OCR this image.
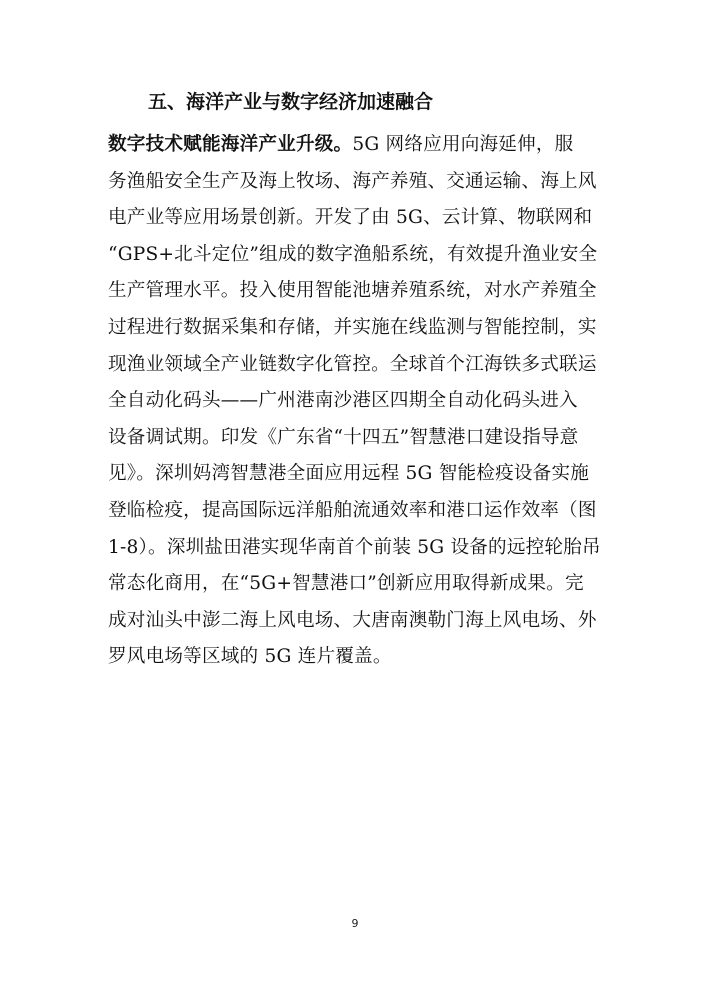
五、海洋产业与数字经济加速融合
数字技术赋能海洋产业升级。5G 网络应用向海延伸，服
务渔船安全生产及海上牧场、海产养殖、交通运输、海上风
电产业等应用场景创新。开发了由 5G、云计算、物联网和
“GPS+北斗定位”组成的数字渔船系统，有效提升渔业安全
生产管理水平。投入使用智能池塘养殖系统，对水产养殖全
过程进行数据采集和存储，并实施在线监测与智能控制，实
现渔业领域全产业链数字化管控。全球首个江海铁多式联运
全自动化码头——广州港南沙港区四期全自动化码头进入
设备调试期。印发《广东省“十四五”智慧港口建设指导意
见》。深圳妈湾智慧港全面应用远程 5G 智能检疫设备实施
登临检疫，提高国际远洋船舶流通效率和港口运作效率（图
1-8）。深圳盐田港实现华南首个前装 5G 设备的远控轮胎吊
常态化商用，在“5G+智慧港口”创新应用取得新成果。完
成对汕头中澎二海上风电场、大唐南澳勒门海上风电场、外
罗风电场等区域的 5G 连片覆盖。
9
